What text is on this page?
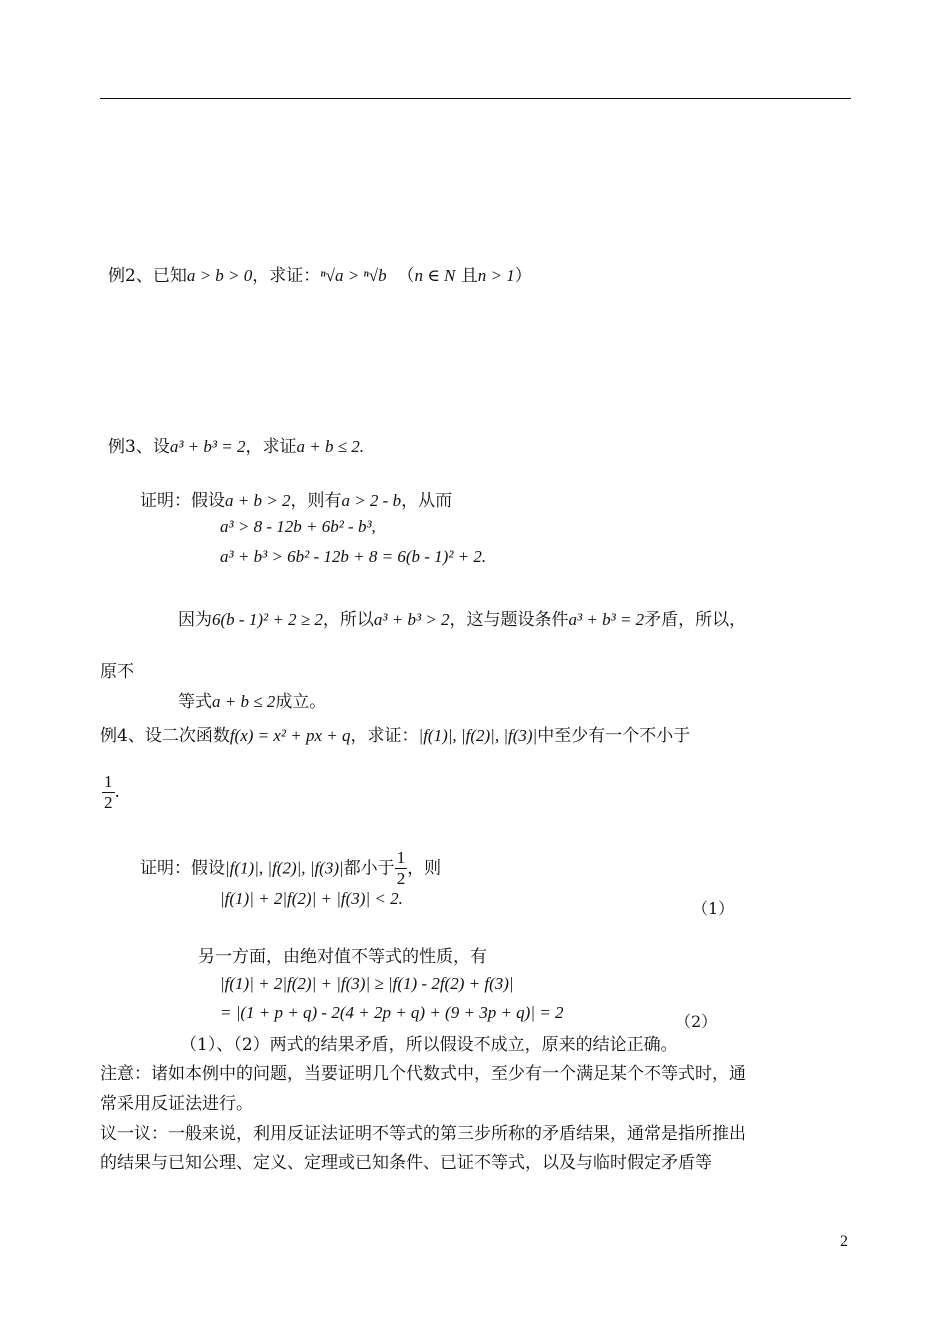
例2、已知a > b > 0，求证：ⁿ√a > ⁿ√b （n ∈ N 且n > 1）
例3、设a³ + b³ = 2，求证a + b ≤ 2.
证明：假设a + b > 2，则有a > 2 - b，从而
a³ > 8 - 12b + 6b² - b³,
a³ + b³ > 6b² - 12b + 8 = 6(b - 1)² + 2.
因为6(b - 1)² + 2 ≥ 2，所以a³ + b³ > 2，这与题设条件a³ + b³ = 2矛盾，所以，
原不
等式a + b ≤ 2成立。
例4、设二次函数f(x) = x² + px + q，求证：|f(1)|, |f(2)|, |f(3)|中至少有一个不小于
$\frac{1}{2}$ .
证明：假设|f(1)|, |f(2)|, |f(3)|都小于 $\frac{1}{2}$ ，则
|f(1)| + 2|f(2)| + |f(3)| < 2.
（1）
另一方面，由绝对值不等式的性质，有
|f(1)| + 2|f(2)| + |f(3)| ≥ |f(1) - 2f(2) + f(3)|
= |(1 + p + q) - 2(4 + 2p + q) + (9 + 3p + q)| = 2	（2）
（1）、（2）两式的结果矛盾，所以假设不成立，原来的结论正确。
注意：诸如本例中的问题，当要证明几个代数式中，至少有一个满足某个不等式时，通
常采用反证法进行。
议一议：一般来说，利用反证法证明不等式的第三步所称的矛盾结果，通常是指所推出
的结果与已知公理、定义、定理或已知条件、已证不等式，以及与临时假定矛盾等
2
